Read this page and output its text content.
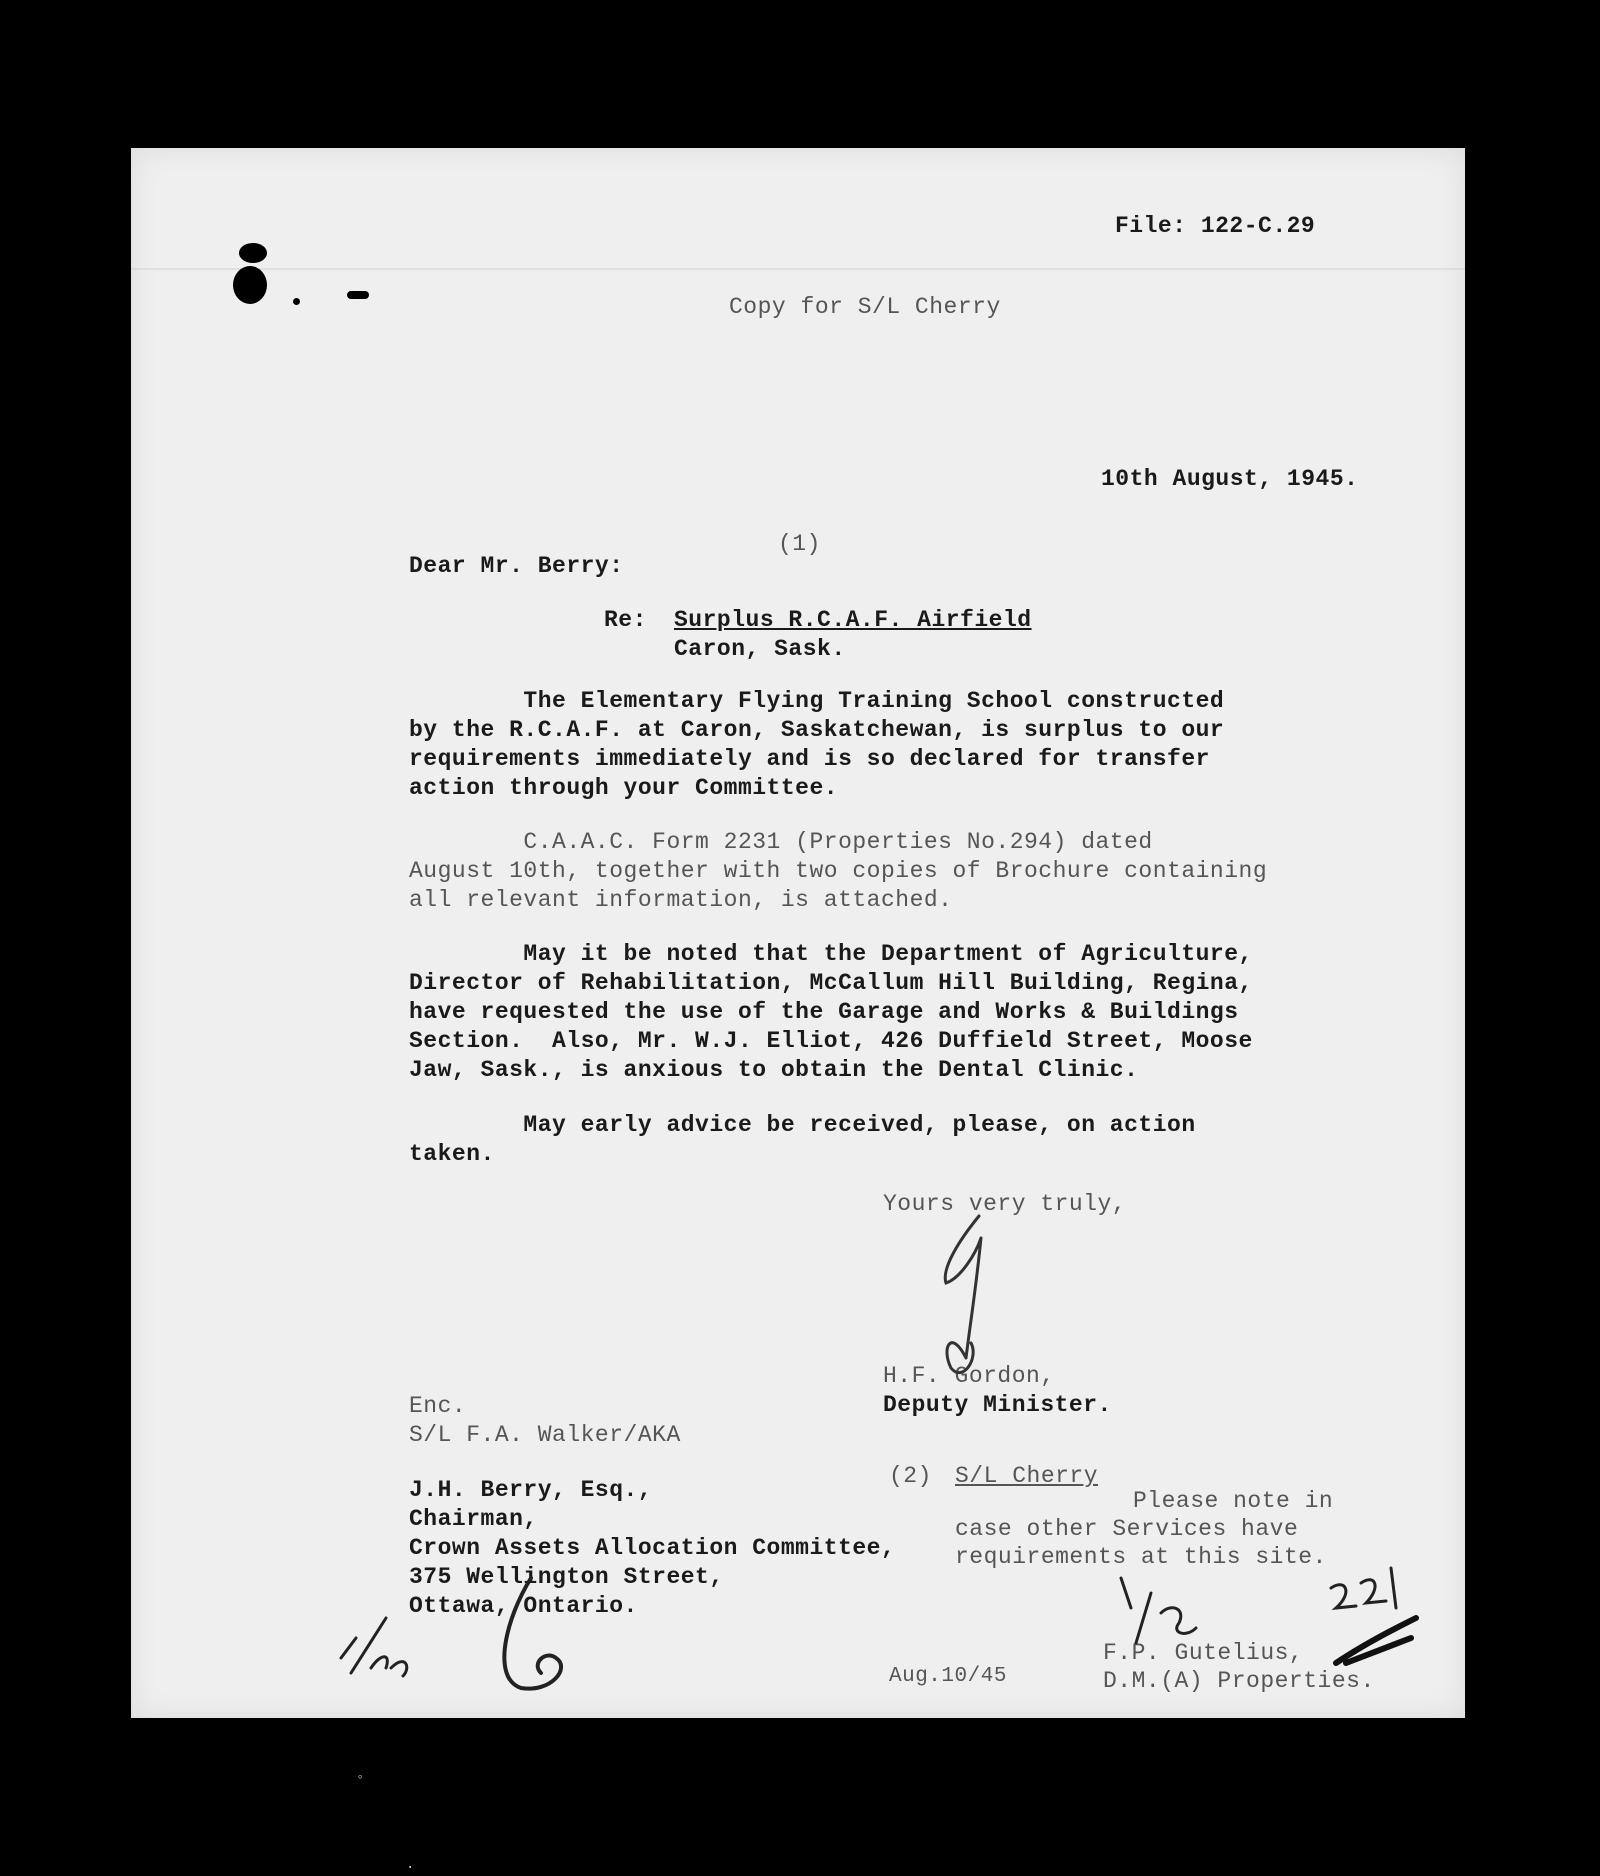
File: 122-C.29
Copy for S/L Cherry
10th August, 1945.
(1)
Dear Mr. Berry:
Re: Surplus R.C.A.F. Airfield
Caron, Sask.
The Elementary Flying Training School constructed
by the R.C.A.F. at Caron, Saskatchewan, is surplus to our
requirements immediately and is so declared for transfer
action through your Committee.
C.A.A.C. Form 2231 (Properties No.294) dated
August 10th, together with two copies of Brochure containing
all relevant information, is attached.
May it be noted that the Department of Agriculture,
Director of Rehabilitation, McCallum Hill Building, Regina,
have requested the use of the Garage and Works & Buildings
Section.  Also, Mr. W.J. Elliot, 426 Duffield Street, Moose
Jaw, Sask., is anxious to obtain the Dental Clinic.
May early advice be received, please, on action
taken.
Yours very truly,
H.F. Gordon,
Deputy Minister.
Enc.
S/L F.A. Walker/AKA
J.H. Berry, Esq.,
Chairman,
Crown Assets Allocation Committee,
375 Wellington Street,
Ottawa, Ontario.
(2) S/L Cherry
Please note in
case other Services have
requirements at this site.
F.P. Gutelius,
D.M.(A) Properties.
Aug.10/45
◦
·
